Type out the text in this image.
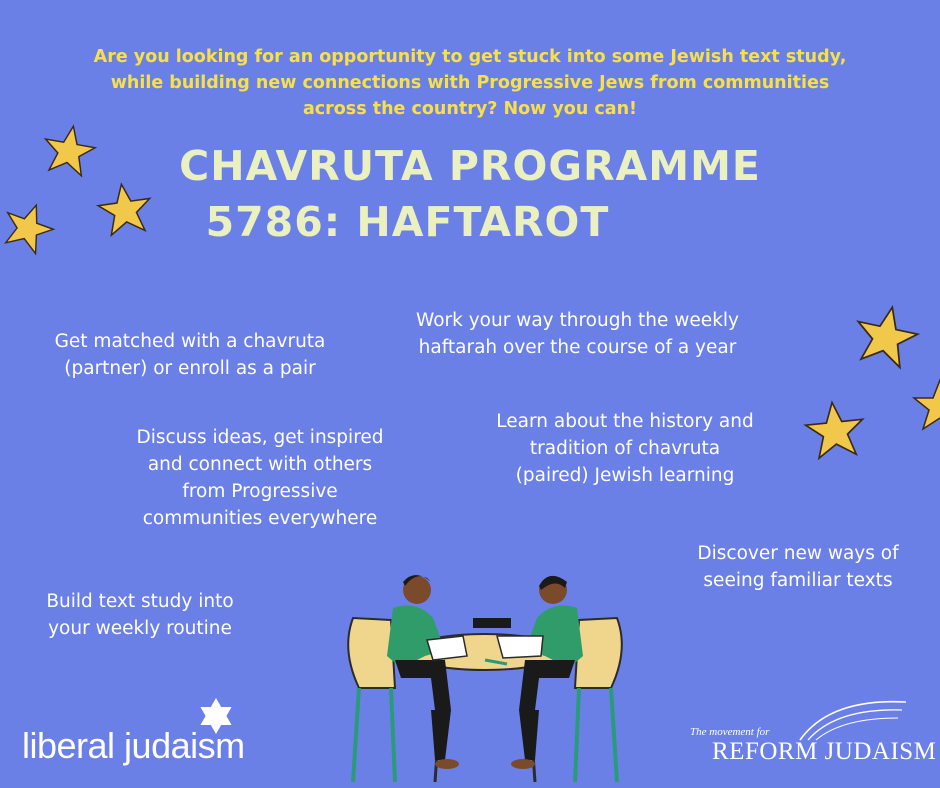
Are you looking for an opportunity to get stuck into some Jewish text study,
while building new connections with Progressive Jews from communities
across the country? Now you can!
CHAVRUTA PROGRAMME
5786: HAFTAROT
Get matched with a chavruta
(partner) or enroll as a pair
Work your way through the weekly
haftarah over the course of a year
Discuss ideas, get inspired
and connect with others
from Progressive
communities everywhere
Learn about the history and
tradition of chavruta
(paired) Jewish learning
Discover new ways of
seeing familiar texts
Build text study into
your weekly routine
liberal judaism	The movement for
REFORM JUDAISM
